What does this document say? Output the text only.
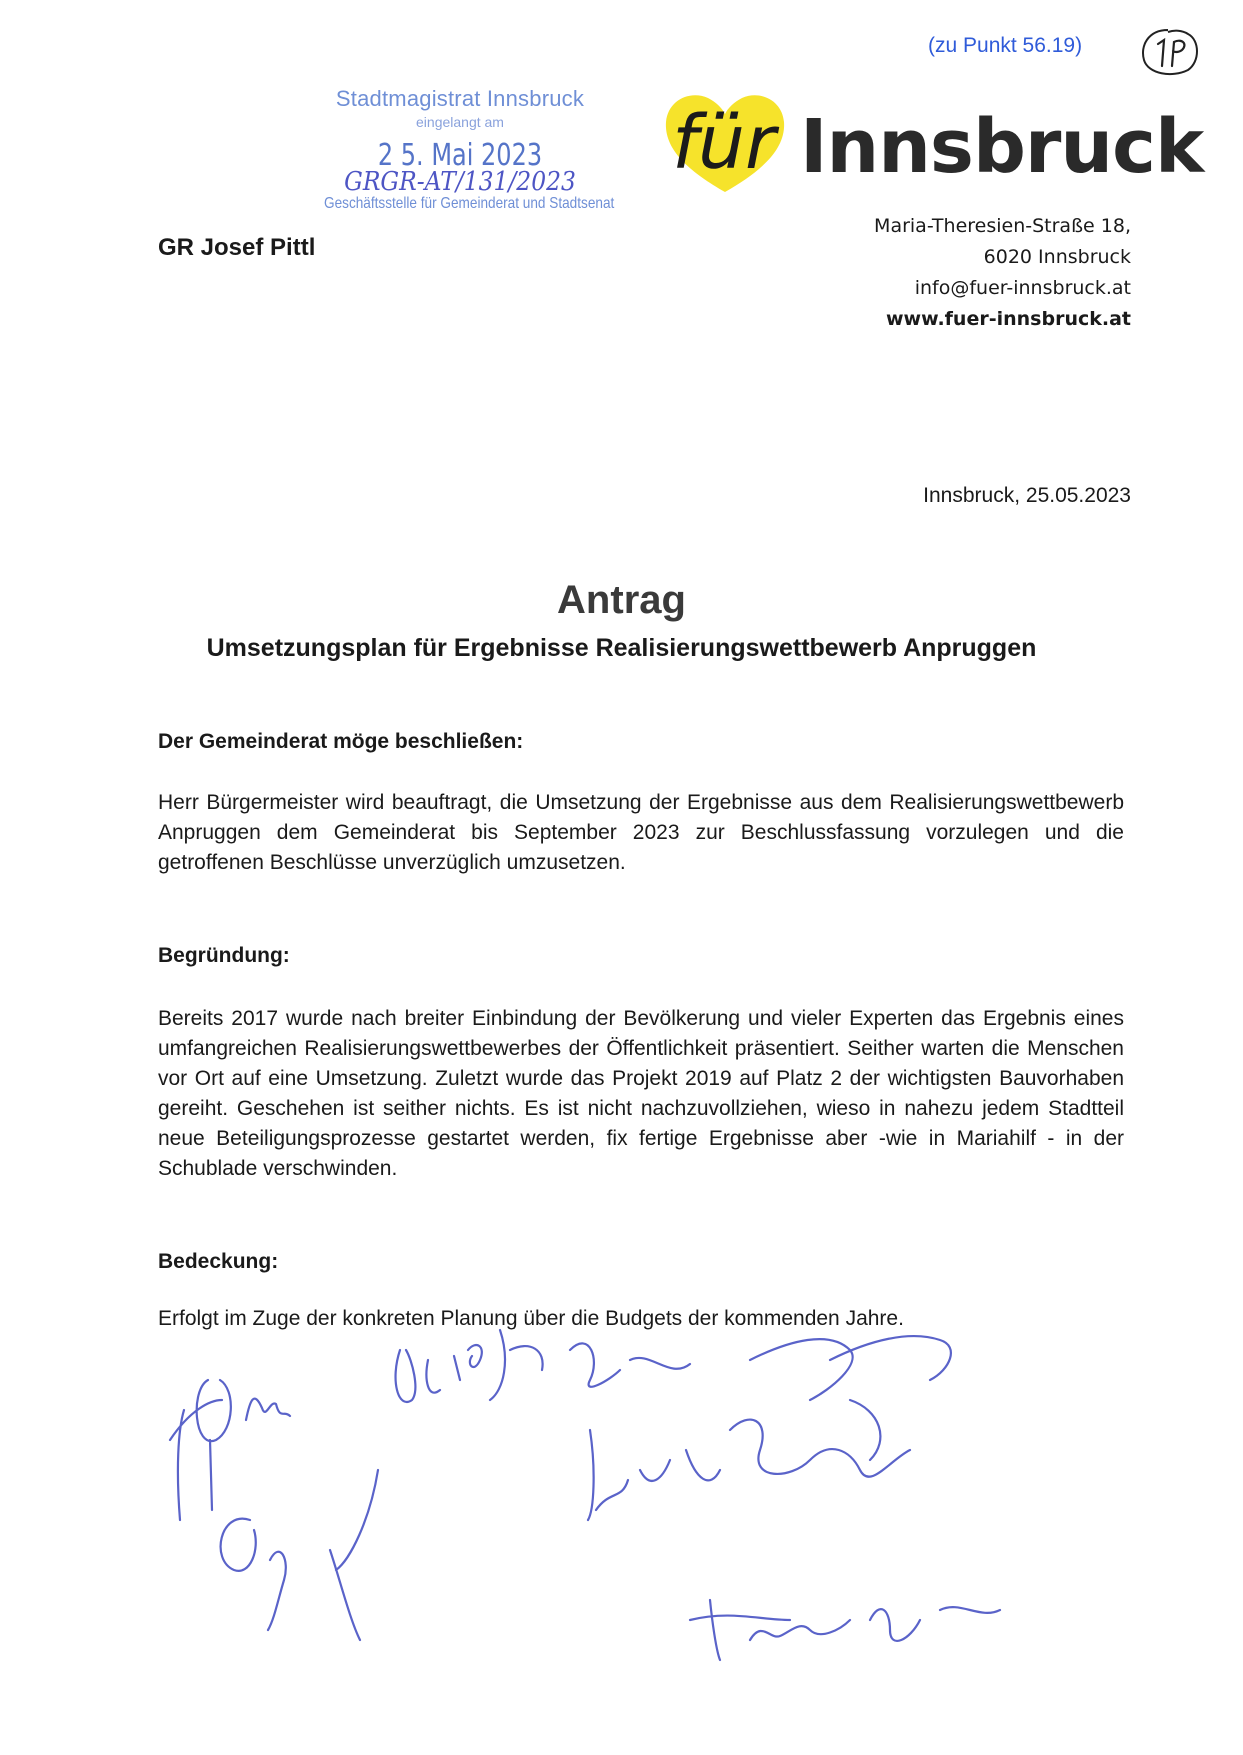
(zu Punkt 56.19)
Stadtmagistrat Innsbruck
eingelangt am
2 5. Mai 2023
GRGR-AT/131/2023
Geschäftsstelle für Gemeinderat und Stadtsenat
für Innsbruck
GR Josef Pittl
Maria-Theresien-Straße 18,
6020 Innsbruck
info@fuer-innsbruck.at
www.fuer-innsbruck.at
Innsbruck, 25.05.2023
Antrag
Umsetzungsplan für Ergebnisse Realisierungswettbewerb Anpruggen
Der Gemeinderat möge beschließen:
Herr Bürgermeister wird beauftragt, die Umsetzung der Ergebnisse aus dem Realisierungswettbewerb Anpruggen dem Gemeinderat bis September 2023 zur Beschlussfassung vorzulegen und die getroffenen Beschlüsse unverzüglich umzusetzen.
Begründung:
Bereits 2017 wurde nach breiter Einbindung der Bevölkerung und vieler Experten das Ergebnis eines umfangreichen Realisierungswettbewerbes der Öffentlichkeit präsentiert. Seither warten die Menschen vor Ort auf eine Umsetzung. Zuletzt wurde das Projekt 2019 auf Platz 2 der wichtigsten Bauvorhaben gereiht. Geschehen ist seither nichts. Es ist nicht nachzuvollziehen, wieso in nahezu jedem Stadtteil neue Beteiligungsprozesse gestartet werden, fix fertige Ergebnisse aber -wie in Mariahilf - in der Schublade verschwinden.
Bedeckung:
Erfolgt im Zuge der konkreten Planung über die Budgets der kommenden Jahre.
